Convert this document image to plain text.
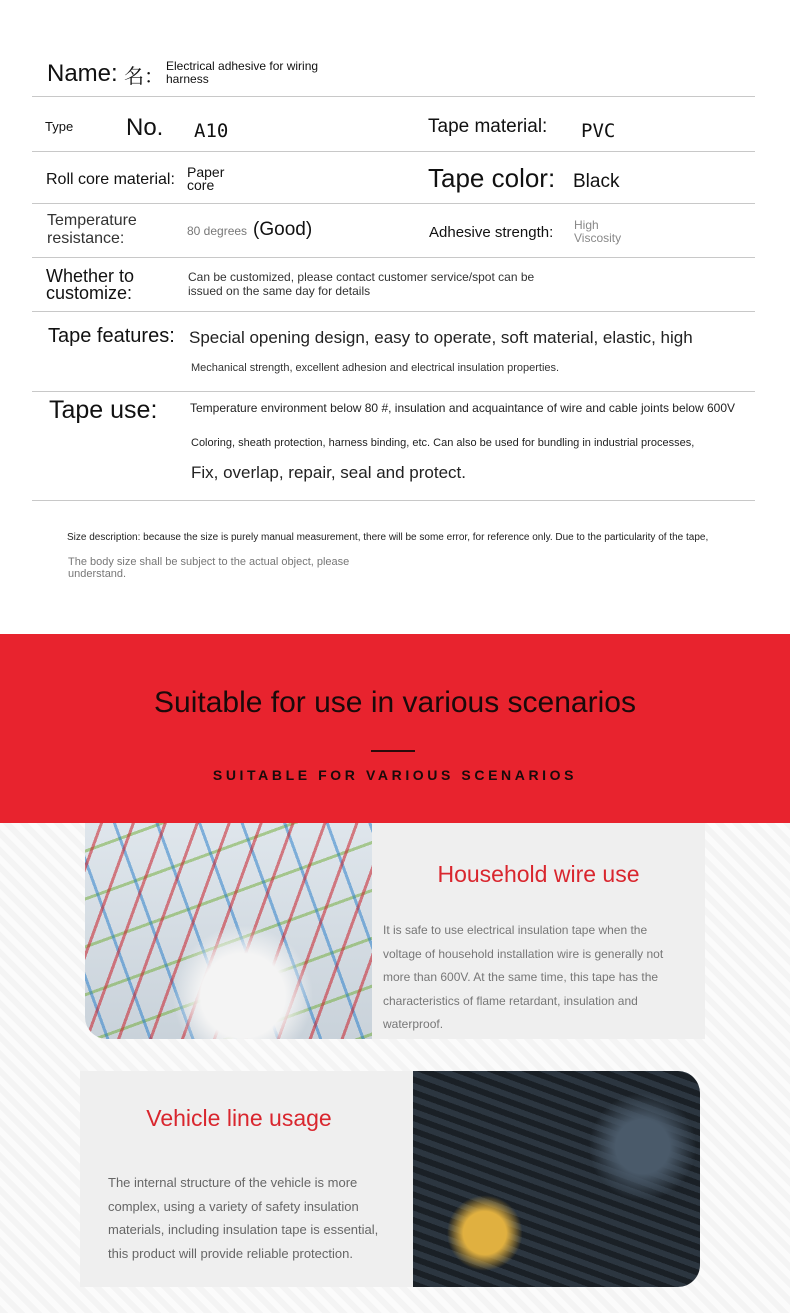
Name: 名： Electrical adhesive for wiring harness
Type No. A10	Tape material: PVC
Roll core material: Paper core	Tape color: Black
Temperature resistance:	80 degrees (Good)	Adhesive strength: High Viscosity
Whether to customize:
Can be customized, please contact customer service/spot can be issued on the same day for details
Tape features: Special opening design, easy to operate, soft material, elastic, high
Mechanical strength, excellent adhesion and electrical insulation properties.
Tape use:	Temperature environment below 80 #, insulation and acquaintance of wire and cable joints below 600V
Coloring, sheath protection, harness binding, etc. Can also be used for bundling in industrial processes,
Fix, overlap, repair, seal and protect.
Size description: because the size is purely manual measurement, there will be some error, for reference only. Due to the particularity of the tape,
The body size shall be subject to the actual object, please understand.
Suitable for use in various scenarios
SUITABLE FOR VARIOUS SCENARIOS
Household wire use
It is safe to use electrical insulation tape when the voltage of household installation wire is generally not more than 600V. At the same time, this tape has the characteristics of flame retardant, insulation and waterproof.
Vehicle line usage
The internal structure of the vehicle is more complex, using a variety of safety insulation materials, including insulation tape is essential, this product will provide reliable protection.
